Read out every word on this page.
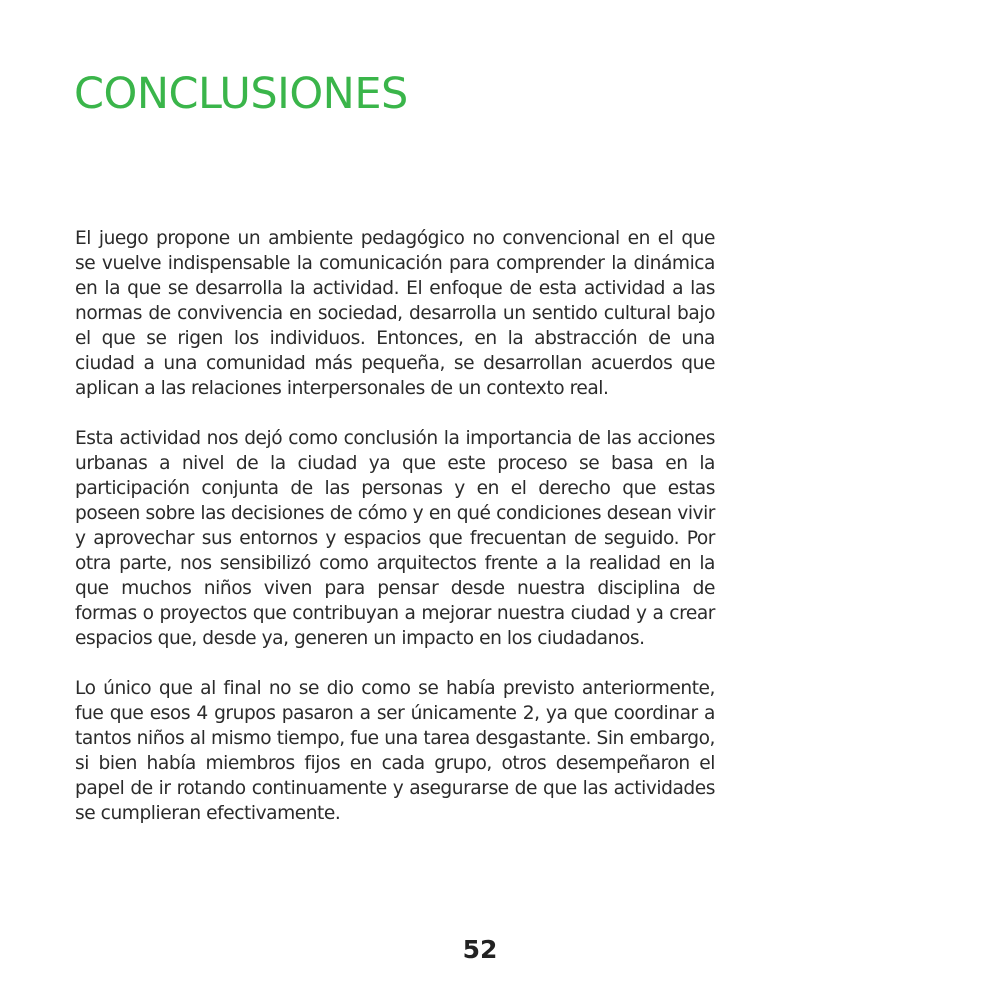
CONCLUSIONES

El juego propone un ambiente pedagógico no convencional en el que se vuelve indispensable la comunicación para comprender la dinámica en la que se desarrolla la actividad. El enfoque de esta actividad a las normas de convivencia en sociedad, desarrolla un sentido cultural bajo el que se rigen los individuos. Entonces, en la abstracción de una ciudad a una comunidad más pequeña, se desarrollan acuerdos que aplican a las relaciones interpersonales de un contexto real.

Esta actividad nos dejó como conclusión la importancia de las acciones urbanas a nivel de la ciudad ya que este proceso se basa en la participación conjunta de las personas y en el derecho que estas poseen sobre las decisiones de cómo y en qué condiciones desean vivir y aprovechar sus entornos y espacios que frecuentan de seguido. Por otra parte, nos sensibilizó como arquitectos frente a la realidad en la que muchos niños viven para pensar desde nuestra disciplina de formas o proyectos que contribuyan a mejorar nuestra ciudad y a crear espacios que, desde ya, generen un impacto en los ciudadanos.

Lo único que al final no se dio como se había previsto anteriormente, fue que esos 4 grupos pasaron a ser únicamente 2, ya que coordinar a tantos niños al mismo tiempo, fue una tarea desgastante. Sin embargo, si bien había miembros fijos en cada grupo, otros desempeñaron el papel de ir rotando continuamente y asegurarse de que las actividades se cumplieran efectivamente.

52
